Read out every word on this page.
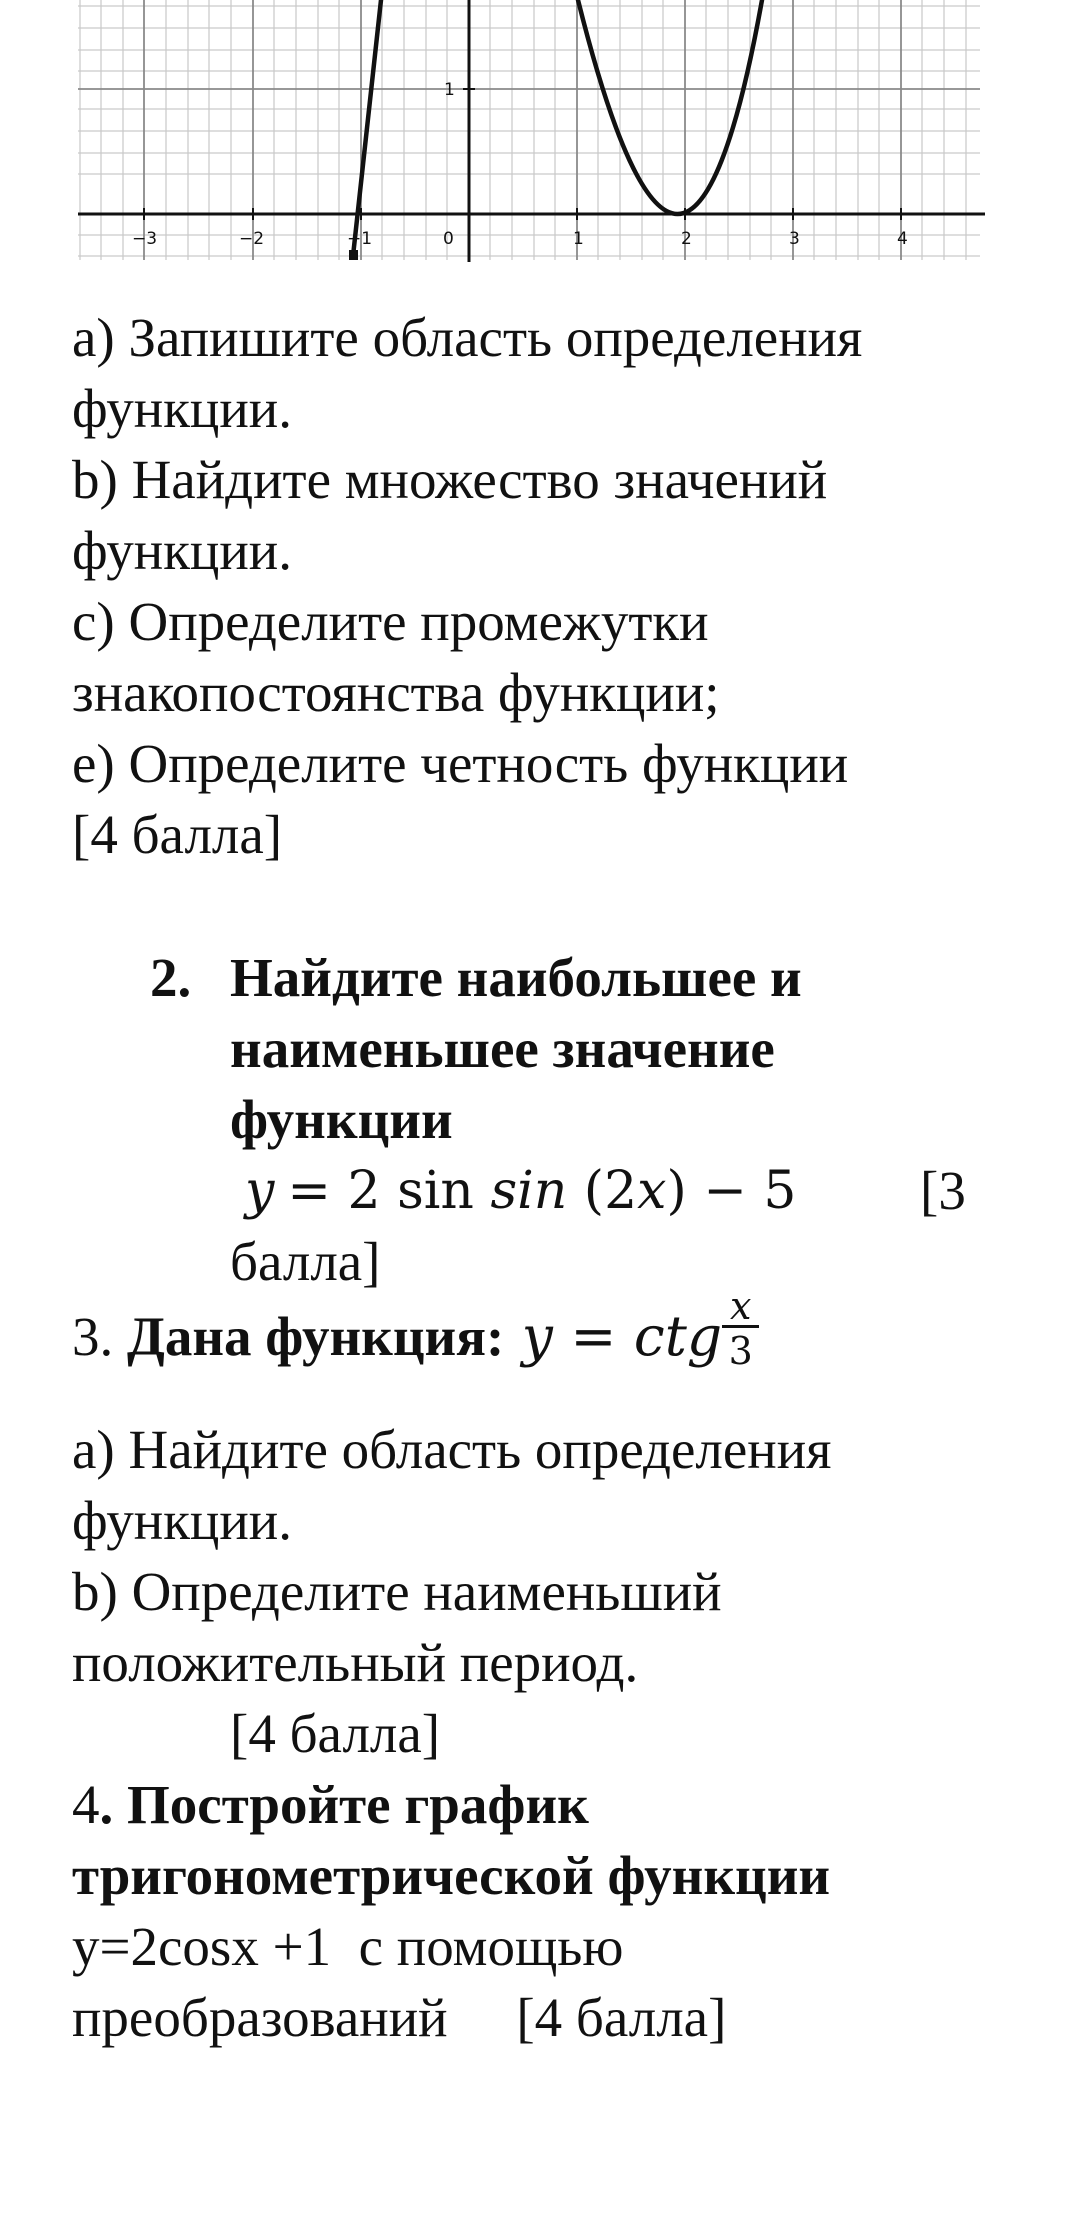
−3	−2	−1	0	1	2	3	4
1
а) Запишите область определения
функции.
b) Найдите множество значений
функции.
с) Определите промежутки
знакопостоянства функции;
е) Определите четность функции
[4 балла]
2. Найдите наибольшее и
наименьшее значение
функции
y = 2 sin sin (2x) − 5 [3
балла]
3. Дана функция: y = ctg $\frac{x}{3}$
а) Найдите область определения
функции.
b) Определите наименьший
положительный период.
[4 балла]
4. Постройте график
тригонометрической функции
y=2cosx +1  с помощью
преобразований     [4 балла]
